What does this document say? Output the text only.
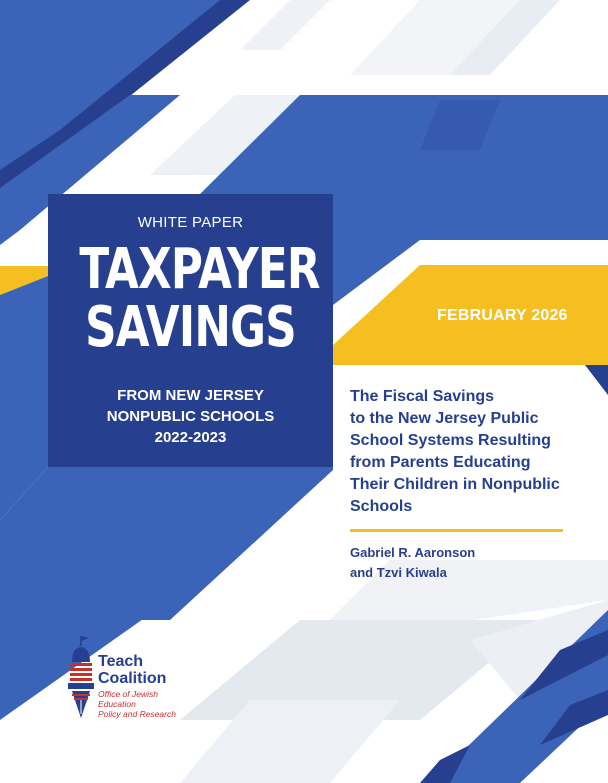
WHITE PAPER
TAXPAYER
SAVINGS
FROM NEW JERSEY
NONPUBLIC SCHOOLS
2022-2023
FEBRUARY 2026
The Fiscal Savings
to the New Jersey Public
School Systems Resulting
from Parents Educating
Their Children in Nonpublic
Schools
Gabriel R. Aaronson
and Tzvi Kiwala
Teach
Coalition
Office of Jewish Education
Policy and Research
